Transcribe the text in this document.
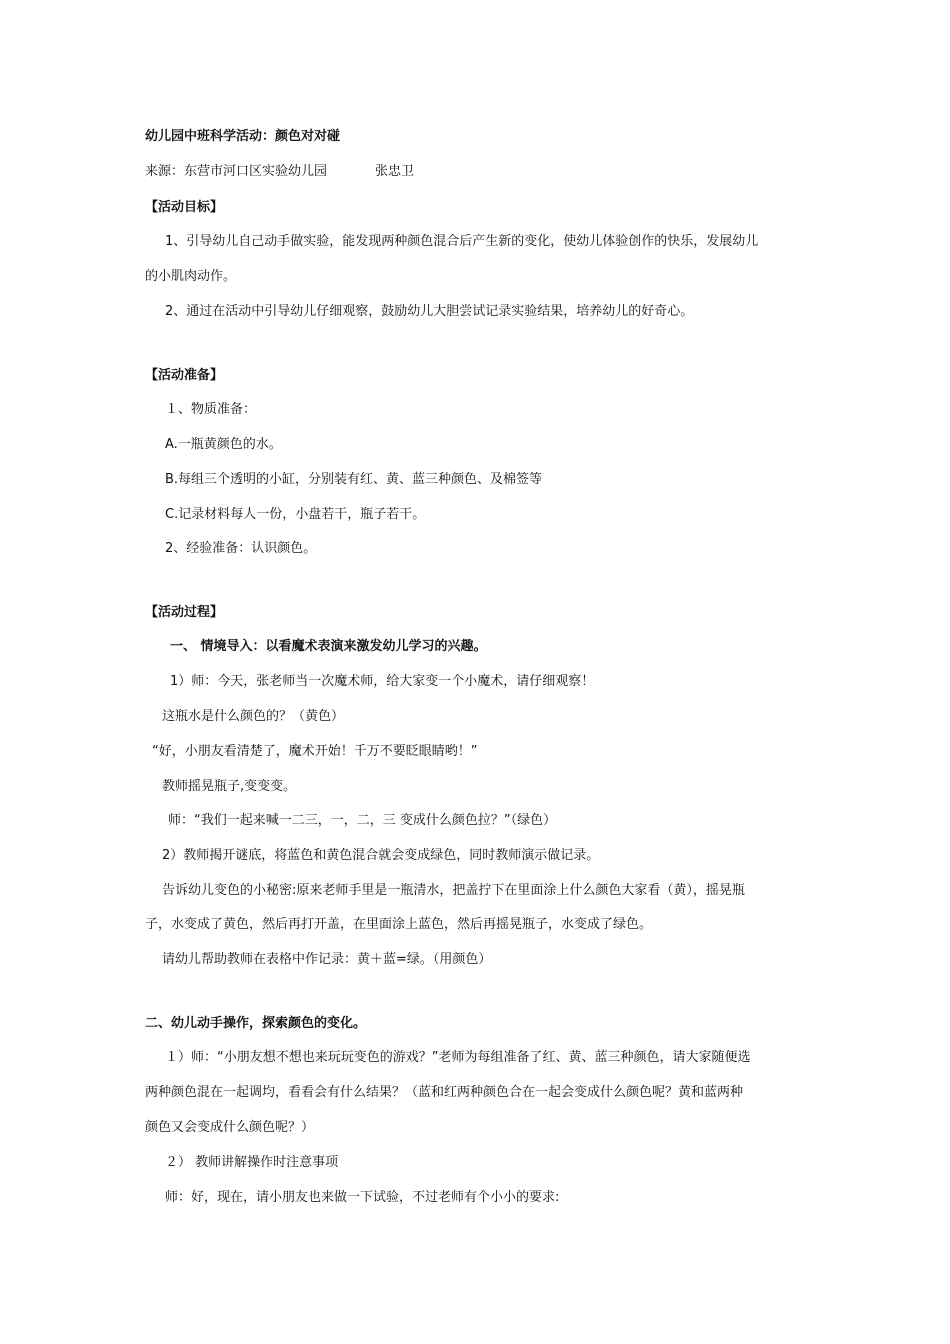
幼儿园中班科学活动：颜色对对碰
来源：东营市河口区实验幼儿园	张忠卫
【活动目标】
1、引导幼儿自己动手做实验，能发现两种颜色混合后产生新的变化，使幼儿体验创作的快乐，发展幼儿
的小肌肉动作。
2、通过在活动中引导幼儿仔细观察，鼓励幼儿大胆尝试记录实验结果，培养幼儿的好奇心。
【活动准备】
１、物质准备：
A.一瓶黄颜色的水。
B.每组三个透明的小缸，分别装有红、黄、蓝三种颜色、及棉签等
C.记录材料每人一份，小盘若干，瓶子若干。
2、经验准备：认识颜色。
【活动过程】
一、 情境导入：以看魔术表演来激发幼儿学习的兴趣。
1）师：今天，张老师当一次魔术师，给大家变一个小魔术，请仔细观察！
这瓶水是什么颜色的？（黄色）
“好，小朋友看清楚了，魔术开始！千万不要眨眼睛哟！”
教师摇晃瓶子,变变变。
师：“我们一起来喊一二三，一，二，三 变成什么颜色拉？”（绿色）
2）教师揭开谜底，将蓝色和黄色混合就会变成绿色，同时教师演示做记录。
告诉幼儿变色的小秘密:原来老师手里是一瓶清水，把盖拧下在里面涂上什么颜色大家看（黄），摇晃瓶
子，水变成了黄色，然后再打开盖，在里面涂上蓝色，然后再摇晃瓶子，水变成了绿色。
请幼儿帮助教师在表格中作记录：黄＋蓝=绿。（用颜色）
二、幼儿动手操作，探索颜色的变化。
１）师：“小朋友想不想也来玩玩变色的游戏？”老师为每组准备了红、黄、蓝三种颜色，请大家随便选
两种颜色混在一起调均，看看会有什么结果？（蓝和红两种颜色合在一起会变成什么颜色呢？黄和蓝两种
颜色又会变成什么颜色呢？）
２） 教师讲解操作时注意事项
师：好，现在，请小朋友也来做一下试验，不过老师有个小小的要求:
